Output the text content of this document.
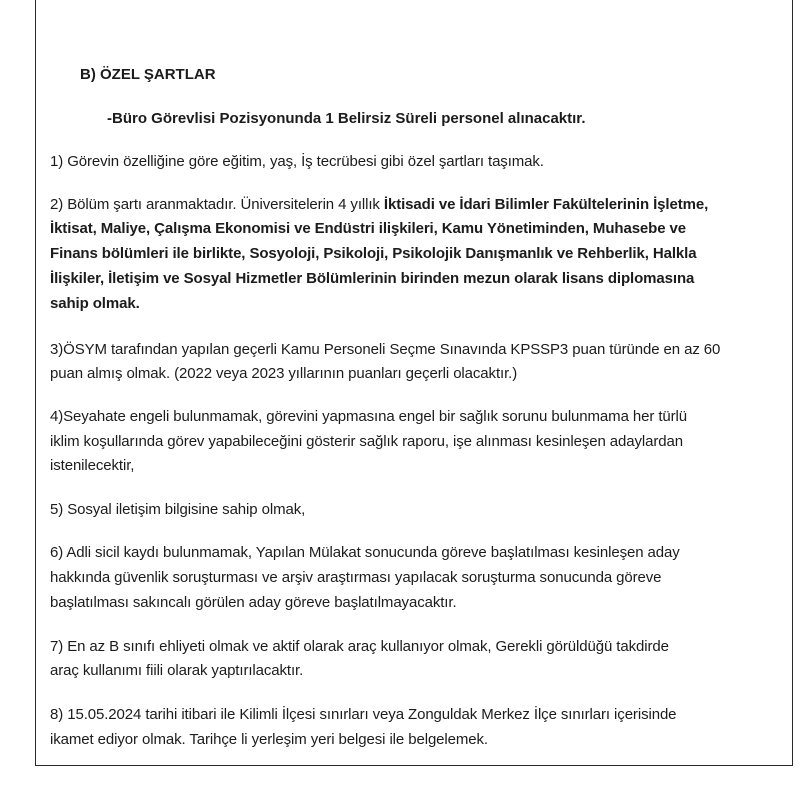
B) ÖZEL ŞARTLAR
-Büro Görevlisi Pozisyonunda 1 Belirsiz Süreli personel alınacaktır.
1) Görevin özelliğine göre eğitim, yaş, İş tecrübesi gibi özel şartları taşımak.
2) Bölüm şartı aranmaktadır. Üniversitelerin 4 yıllık İktisadi ve İdari Bilimler Fakültelerinin İşletme,
İktisat, Maliye, Çalışma Ekonomisi ve Endüstri ilişkileri, Kamu Yönetiminden, Muhasebe ve
Finans bölümleri ile birlikte, Sosyoloji, Psikoloji, Psikolojik Danışmanlık ve Rehberlik, Halkla
İlişkiler, İletişim ve Sosyal Hizmetler Bölümlerinin birinden mezun olarak lisans diplomasına
sahip olmak.
3)ÖSYM tarafından yapılan geçerli Kamu Personeli Seçme Sınavında KPSSP3 puan türünde en az 60
puan almış olmak. (2022 veya 2023 yıllarının puanları geçerli olacaktır.)
4)Seyahate engeli bulunmamak, görevini yapmasına engel bir sağlık sorunu bulunmama her türlü
iklim koşullarında görev yapabileceğini gösterir sağlık raporu, işe alınması kesinleşen adaylardan
istenilecektir,
5) Sosyal iletişim bilgisine sahip olmak,
6) Adli sicil kaydı bulunmamak, Yapılan Mülakat sonucunda göreve başlatılması kesinleşen aday
hakkında güvenlik soruşturması ve arşiv araştırması yapılacak soruşturma sonucunda göreve
başlatılması sakıncalı görülen aday göreve başlatılmayacaktır.
7) En az B sınıfı ehliyeti olmak ve aktif olarak araç kullanıyor olmak, Gerekli görüldüğü takdirde
araç kullanımı fiili olarak yaptırılacaktır.
8) 15.05.2024 tarihi itibari ile Kilimli İlçesi sınırları veya Zonguldak Merkez İlçe sınırları içerisinde
ikamet ediyor olmak. Tarihçe li yerleşim yeri belgesi ile belgelemek.
